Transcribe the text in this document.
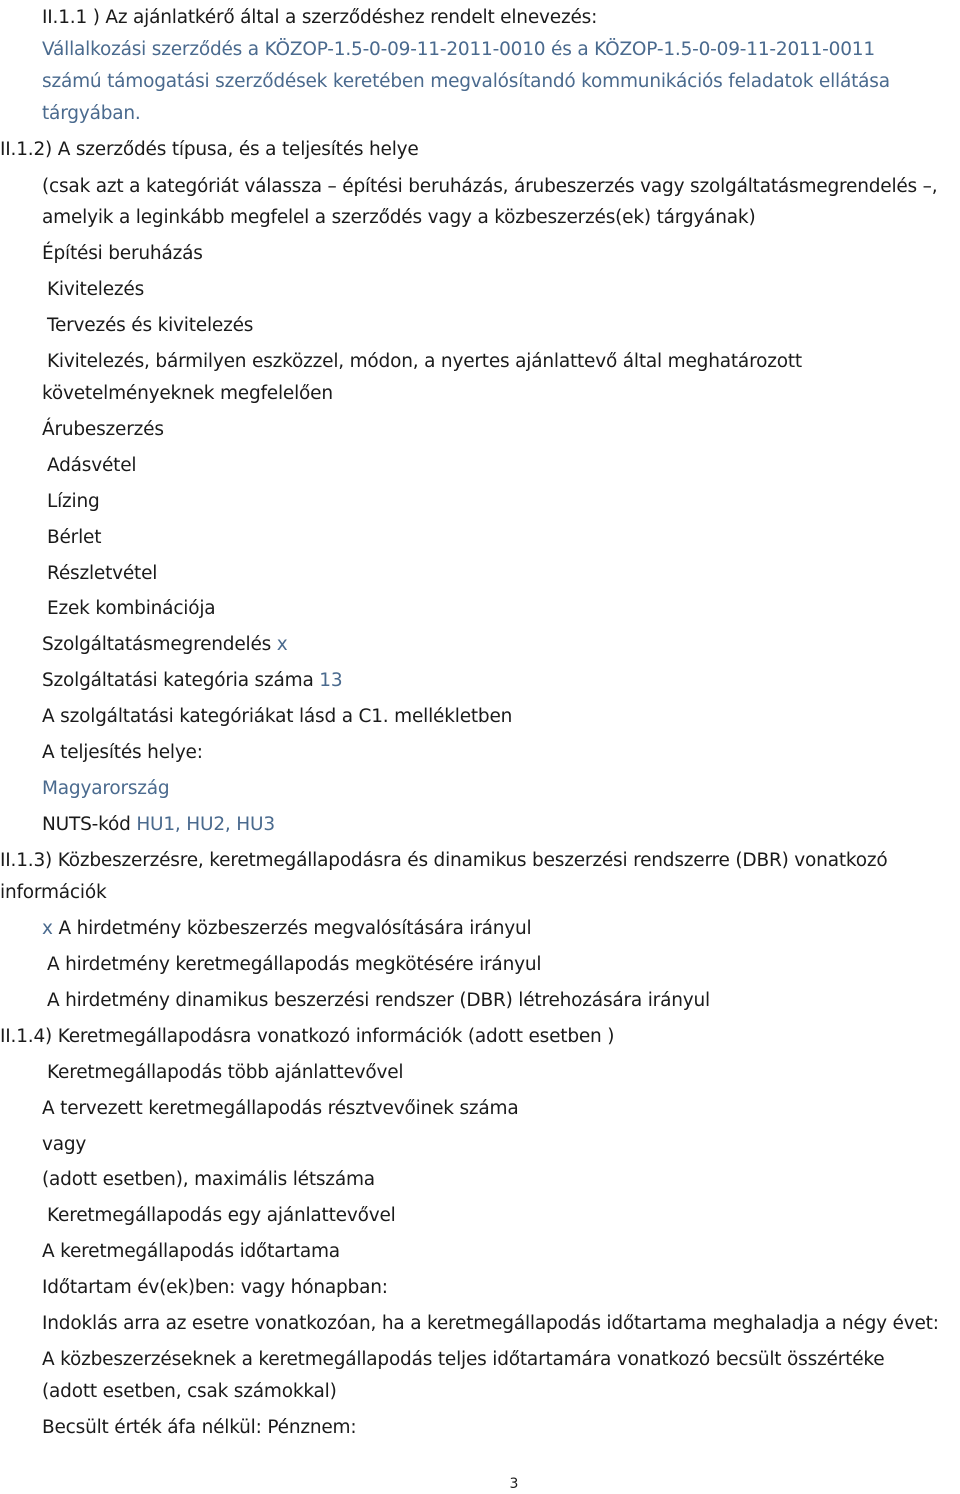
II.1.1 ) Az ajánlatkérő által a szerződéshez rendelt elnevezés:
Vállalkozási szerződés a KÖZOP-1.5-0-09-11-2011-0010 és a KÖZOP-1.5-0-09-11-2011-0011
számú támogatási szerződések keretében megvalósítandó kommunikációs feladatok ellátása
tárgyában.
II.1.2) A szerződés típusa, és a teljesítés helye
(csak azt a kategóriát válassza – építési beruházás, árubeszerzés vagy szolgáltatásmegrendelés –,
amelyik a leginkább megfelel a szerződés vagy a közbeszerzés(ek) tárgyának)
Építési beruházás
Kivitelezés
Tervezés és kivitelezés
Kivitelezés, bármilyen eszközzel, módon, a nyertes ajánlattevő által meghatározott
követelményeknek megfelelően
Árubeszerzés
Adásvétel
Lízing
Bérlet
Részletvétel
Ezek kombinációja
Szolgáltatásmegrendelés x
Szolgáltatási kategória száma 13
A szolgáltatási kategóriákat lásd a C1. mellékletben
A teljesítés helye:
Magyarország
NUTS-kód HU1, HU2, HU3
II.1.3) Közbeszerzésre, keretmegállapodásra és dinamikus beszerzési rendszerre (DBR) vonatkozó
információk
x A hirdetmény közbeszerzés megvalósítására irányul
A hirdetmény keretmegállapodás megkötésére irányul
A hirdetmény dinamikus beszerzési rendszer (DBR) létrehozására irányul
II.1.4) Keretmegállapodásra vonatkozó információk (adott esetben )
Keretmegállapodás több ajánlattevővel
A tervezett keretmegállapodás résztvevőinek száma
vagy
(adott esetben), maximális létszáma
Keretmegállapodás egy ajánlattevővel
A keretmegállapodás időtartama
Időtartam év(ek)ben: vagy hónapban:
Indoklás arra az esetre vonatkozóan, ha a keretmegállapodás időtartama meghaladja a négy évet:
A közbeszerzéseknek a keretmegállapodás teljes időtartamára vonatkozó becsült összértéke
(adott esetben, csak számokkal)
Becsült érték áfa nélkül: Pénznem:
3
